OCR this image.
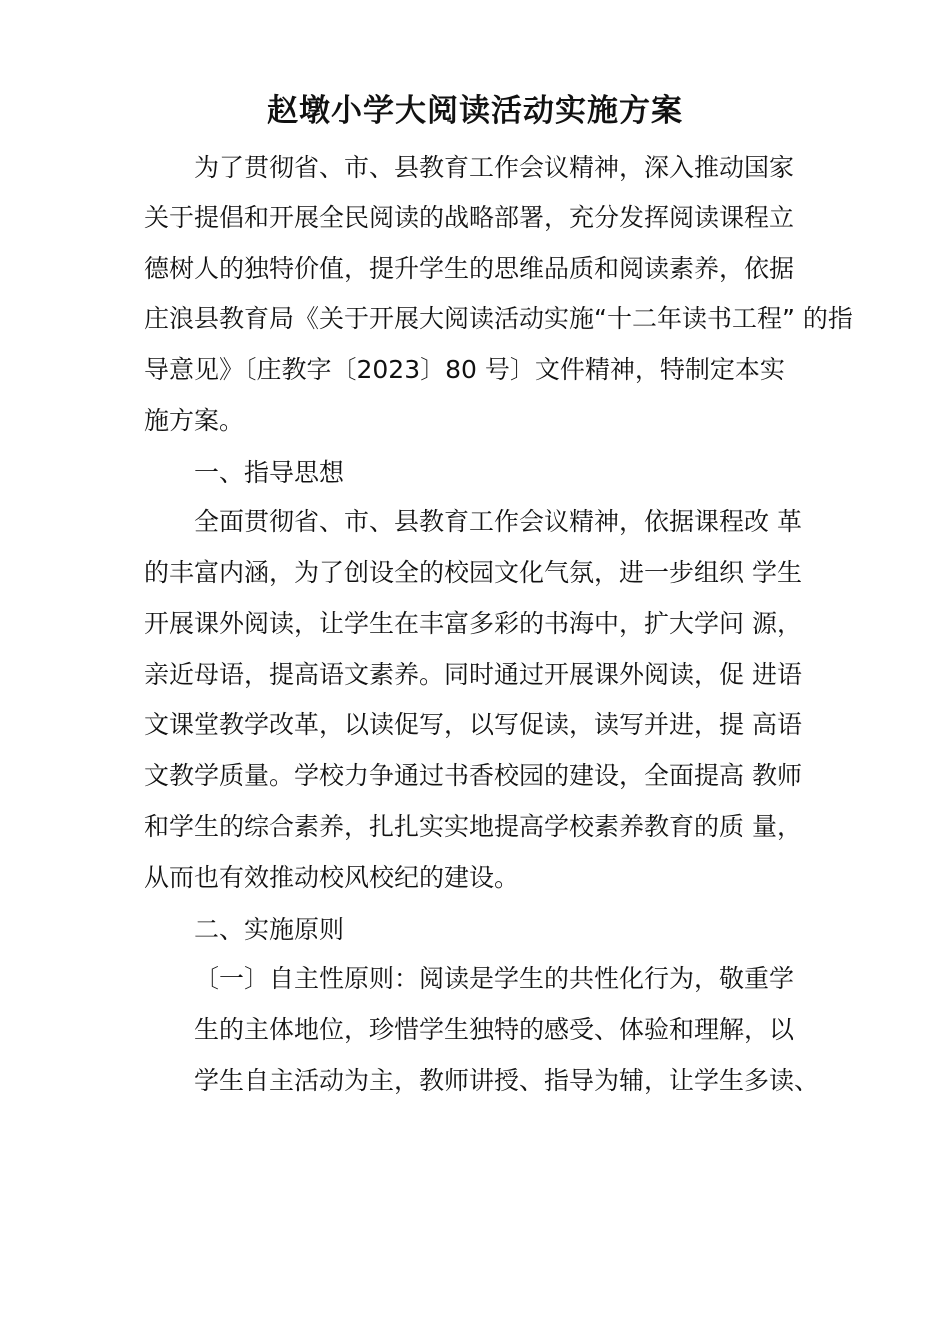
赵墩小学大阅读活动实施方案
为了贯彻省、市、县教育工作会议精神，深入推动国家
关于提倡和开展全民阅读的战略部署，充分发挥阅读课程立
德树人的独特价值，提升学生的思维品质和阅读素养，依据
庄浪县教育局《关于开展大阅读活动实施“十二年读书工程” 的指
导意见》〔庄教字〔2023〕80 号〕文件精神，特制定本实
施方案。
一、指导思想
全面贯彻省、市、县教育工作会议精神，依据课程改 革
的丰富内涵，为了创设全的校园文化气氛，进一步组织 学生
开展课外阅读，让学生在丰富多彩的书海中，扩大学问 源，
亲近母语，提高语文素养。同时通过开展课外阅读，促 进语
文课堂教学改革，以读促写，以写促读，读写并进，提 高语
文教学质量。学校力争通过书香校园的建设，全面提高 教师
和学生的综合素养，扎扎实实地提高学校素养教育的质 量，
从而也有效推动校风校纪的建设。
二、实施原则
〔一〕自主性原则：阅读是学生的共性化行为，敬重学
生的主体地位，珍惜学生独特的感受、体验和理解，以
学生自主活动为主，教师讲授、指导为辅，让学生多读、
